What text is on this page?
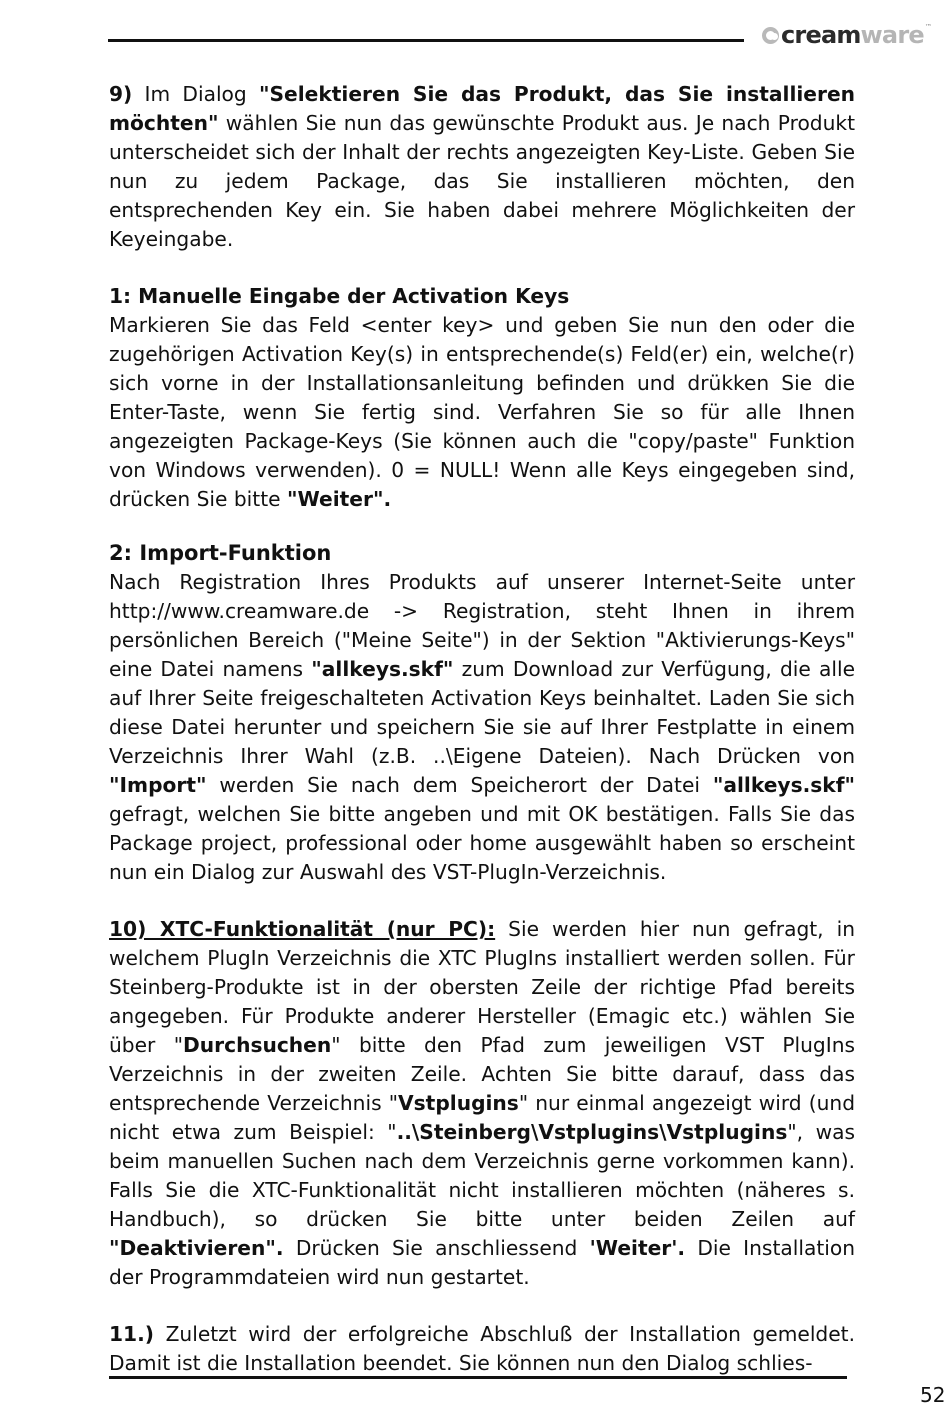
creamware ™

9) Im Dialog "Selektieren Sie das Produkt, das Sie installieren möchten" wählen Sie nun das gewünschte Produkt aus. Je nach Produkt unterscheidet sich der Inhalt der rechts angezeigten Key-Liste. Geben Sie nun zu jedem Package, das Sie installieren möchten, den entsprechenden Key ein. Sie haben dabei mehrere Möglichkeiten der Keyeingabe.

1: Manuelle Eingabe der Activation Keys
Markieren Sie das Feld <enter key> und geben Sie nun den oder die zugehörigen Activation Key(s) in entsprechende(s) Feld(er) ein, welche(r) sich vorne in der Installationsanleitung befinden und drükken Sie die Enter-Taste, wenn Sie fertig sind. Verfahren Sie so für alle Ihnen angezeigten Package-Keys (Sie können auch die "copy/paste" Funktion von Windows verwenden). 0 = NULL! Wenn alle Keys eingegeben sind, drücken Sie bitte "Weiter".

2: Import-Funktion

Nach Registration Ihres Produkts auf unserer Internet-Seite unter http://www.creamware.de -> Registration, steht Ihnen in ihrem persönlichen Bereich ("Meine Seite") in der Sektion "Aktivierungs-Keys" eine Datei namens "allkeys.skf" zum Download zur Verfügung, die alle auf Ihrer Seite freigeschalteten Activation Keys beinhaltet. Laden Sie sich diese Datei herunter und speichern Sie sie auf Ihrer Festplatte in einem Verzeichnis Ihrer Wahl (z.B. ..\Eigene Dateien). Nach Drücken von "Import" werden Sie nach dem Speicherort der Datei "allkeys.skf" gefragt, welchen Sie bitte angeben und mit OK bestätigen. Falls Sie das Package project, professional oder home ausgewählt haben so erscheint nun ein Dialog zur Auswahl des VST-PlugIn-Verzeichnis.

10) XTC-Funktionalität (nur PC): Sie werden hier nun gefragt, in welchem PlugIn Verzeichnis die XTC PlugIns installiert werden sollen. Für Steinberg-Produkte ist in der obersten Zeile der richtige Pfad bereits angegeben. Für Produkte anderer Hersteller (Emagic etc.) wählen Sie über "Durchsuchen" bitte den Pfad zum jeweiligen VST PlugIns Verzeichnis in der zweiten Zeile. Achten Sie bitte darauf, dass das entsprechende Verzeichnis "Vstplugins" nur einmal angezeigt wird (und nicht etwa zum Beispiel: "..\Steinberg\Vstplugins\Vstplugins", was beim manuellen Suchen nach dem Verzeichnis gerne vorkommen kann). Falls Sie die XTC-Funktionalität nicht installieren möchten (näheres s. Handbuch), so drücken Sie bitte unter beiden Zeilen auf "Deaktivieren". Drücken Sie anschliessend 'Weiter'. Die Installation der Programmdateien wird nun gestartet.

11.) Zuletzt wird der erfolgreiche Abschluß der Installation gemeldet. Damit ist die Installation beendet. Sie können nun den Dialog schlies-

52
